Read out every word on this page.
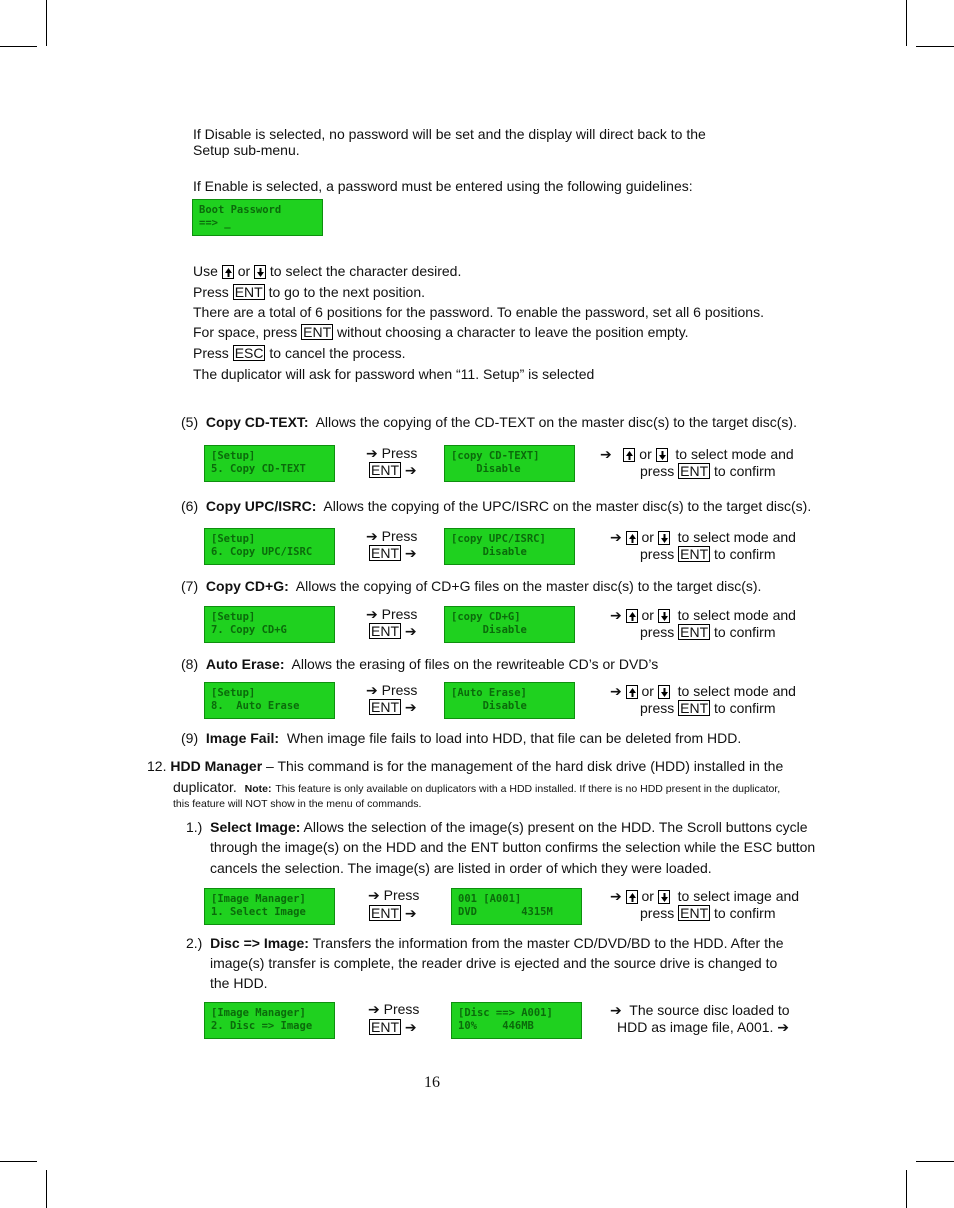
If Disable is selected, no password will be set and the display will direct back to the
Setup sub-menu.
If Enable is selected, a password must be entered using the following guidelines:
Boot Password
==> _
Use or to select the character desired.
Press ENT to go to the next position.
There are a total of 6 positions for the password. To enable the password, set all 6 positions.
For space, press ENT without choosing a character to leave the position empty.
Press ESC to cancel the process.
The duplicator will ask for password when “11. Setup” is selected
(5) Copy CD-TEXT: Allows the copying of the CD-TEXT on the master disc(s) to the target disc(s).
[Setup]
5. Copy CD-TEXT
➔ Press
ENT ➔
[copy CD-TEXT]
Disable
➔ or to select mode and
press ENT to confirm
(6) Copy UPC/ISRC: Allows the copying of the UPC/ISRC on the master disc(s) to the target disc(s).
[Setup]
6. Copy UPC/ISRC
➔ Press
ENT ➔
[copy UPC/ISRC]
Disable
➔ or to select mode and
press ENT to confirm
(7) Copy CD+G: Allows the copying of CD+G files on the master disc(s) to the target disc(s).
[Setup]
7. Copy CD+G
➔ Press
ENT ➔
[copy CD+G]
Disable
➔ or to select mode and
press ENT to confirm
(8) Auto Erase: Allows the erasing of files on the rewriteable CD’s or DVD’s
[Setup]
8.  Auto Erase
➔ Press
ENT ➔
[Auto Erase]
Disable
➔ or to select mode and
press ENT to confirm
(9) Image Fail: When image file fails to load into HDD, that file can be deleted from HDD.
12. HDD Manager – This command is for the management of the hard disk drive (HDD) installed in the
duplicator. Note: This feature is only available on duplicators with a HDD installed. If there is no HDD present in the duplicator,
this feature will NOT show in the menu of commands.
1.) Select Image: Allows the selection of the image(s) present on the HDD. The Scroll buttons cycle
through the image(s) on the HDD and the ENT button confirms the selection while the ESC button
cancels the selection. The image(s) are listed in order of which they were loaded.
[Image Manager]
1. Select Image
➔ Press
ENT ➔
001 [A001]
DVD       4315M
➔ or to select image and
press ENT to confirm
2.) Disc => Image: Transfers the information from the master CD/DVD/BD to the HDD. After the
image(s) transfer is complete, the reader drive is ejected and the source drive is changed to
the HDD.
[Image Manager]
2. Disc => Image
➔ Press
ENT ➔
[Disc ==> A001]
10%    446MB
➔ The source disc loaded to
HDD as image file, A001. ➔
16
